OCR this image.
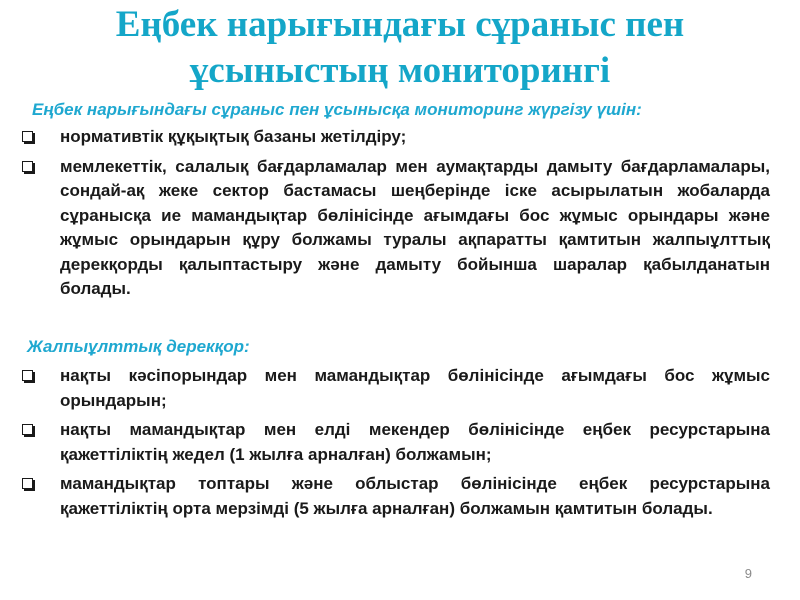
Еңбек нарығындағы сұраныс пен ұсыныстың мониторингі

Еңбек нарығындағы сұраныс пен ұсынысқа мониторинг жүргізу үшін:

нормативтік құқықтық базаны жетілдіру;
мемлекеттік, салалық бағдарламалар мен аумақтарды дамыту бағдарламалары, сондай-ақ жеке сектор бастамасы шеңберінде іске асырылатын жобаларда сұранысқа ие мамандықтар бөлінісінде ағымдағы бос жұмыс орындары және жұмыс орындарын құру болжамы туралы ақпаратты қамтитын жалпыұлттық дерекқорды қалыптастыру және дамыту бойынша шаралар қабылданатын болады.

Жалпыұлттық дерекқор:

нақты кәсіпорындар мен мамандықтар бөлінісінде ағымдағы бос жұмыс орындарын;
нақты мамандықтар мен елді мекендер бөлінісінде еңбек ресурстарына қажеттіліктің жедел (1 жылға арналған) болжамын;
мамандықтар топтары және облыстар бөлінісінде еңбек ресурстарына қажеттіліктің орта мерзімді (5 жылға арналған) болжамын қамтитын болады.
9
